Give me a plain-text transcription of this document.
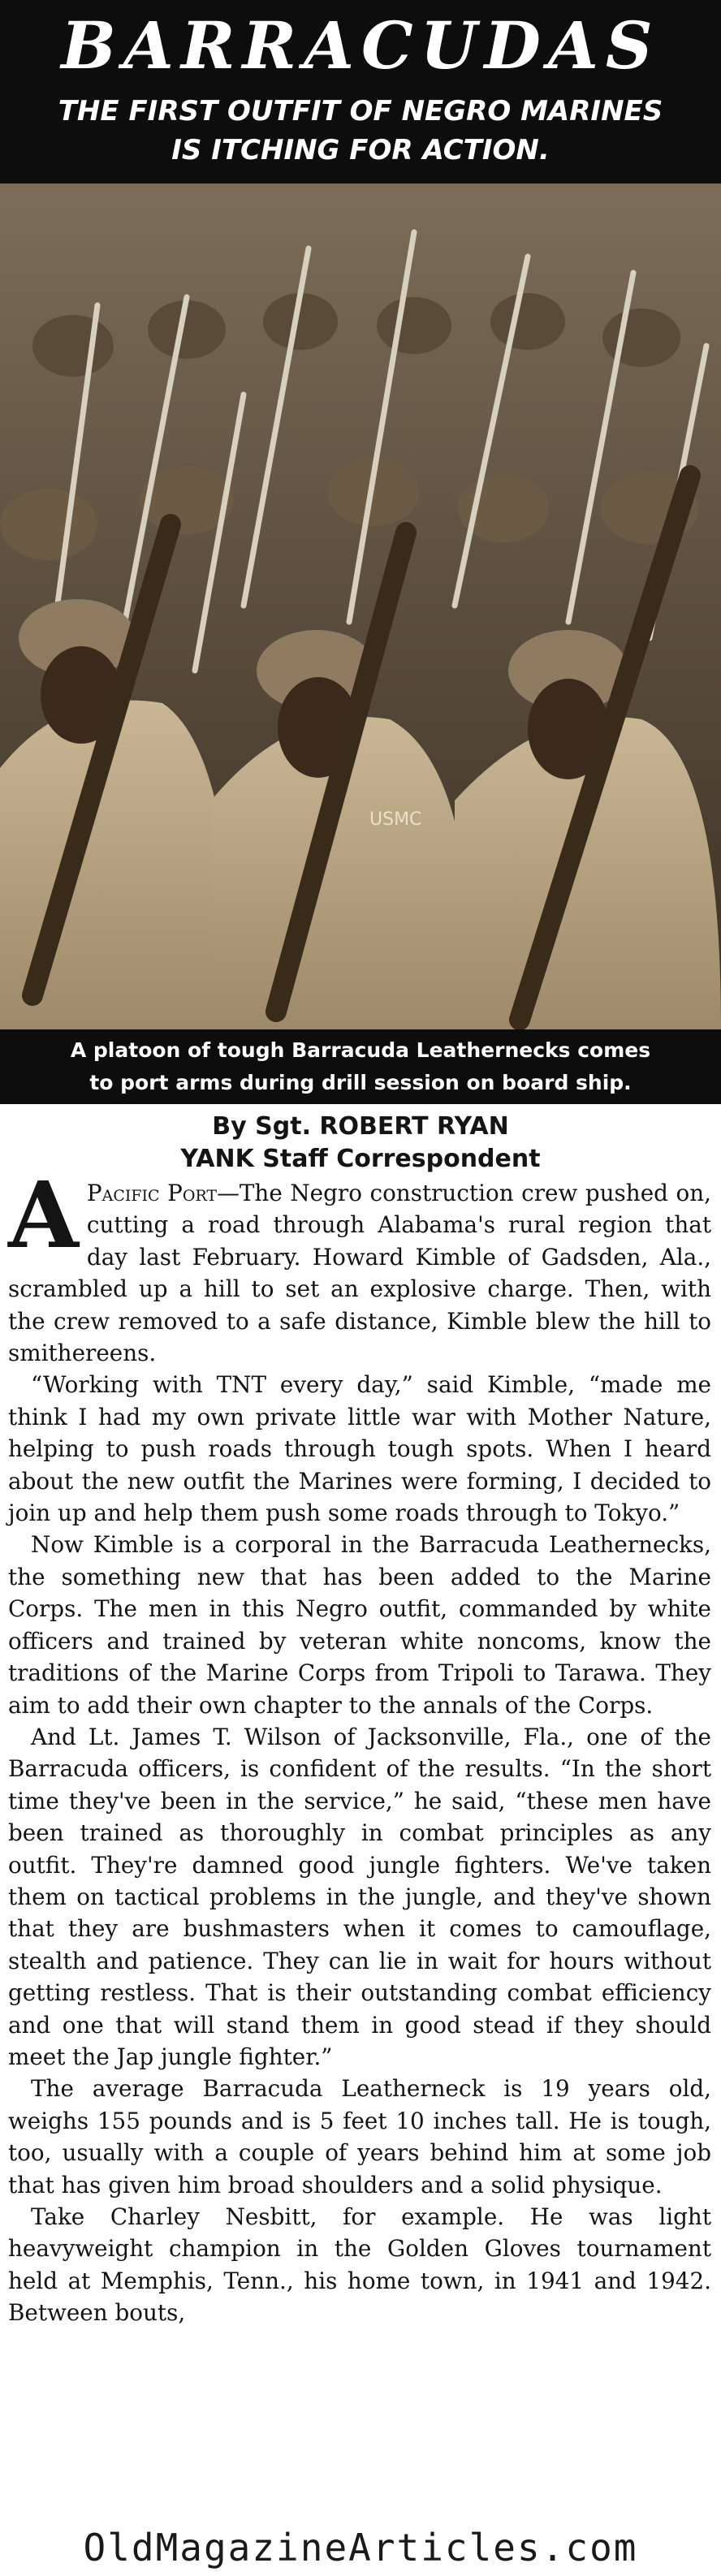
BARRACUDAS
THE FIRST OUTFIT OF NEGRO MARINES
IS ITCHING FOR ACTION.
USMC
A platoon of tough Barracuda Leathernecks comes
to port arms during drill session on board ship.
By Sgt. ROBERT RYAN
YANK Staff Correspondent

A Pacific Port—The Negro construction crew pushed on, cutting a road through Alabama's rural region that day last February. Howard Kimble of Gadsden, Ala., scrambled up a hill to set an explosive charge. Then, with the crew removed to a safe distance, Kimble blew the hill to smithereens.

“Working with TNT every day,” said Kimble, “made me think I had my own private little war with Mother Nature, helping to push roads through tough spots. When I heard about the new outfit the Marines were forming, I decided to join up and help them push some roads through to Tokyo.”

Now Kimble is a corporal in the Barracuda Leathernecks, the something new that has been added to the Marine Corps. The men in this Negro outfit, commanded by white officers and trained by veteran white noncoms, know the traditions of the Marine Corps from Tripoli to Tarawa. They aim to add their own chapter to the annals of the Corps.

And Lt. James T. Wilson of Jacksonville, Fla., one of the Barracuda officers, is confident of the results. “In the short time they've been in the service,” he said, “these men have been trained as thoroughly in combat principles as any outfit. They're damned good jungle fighters. We've taken them on tactical problems in the jungle, and they've shown that they are bushmasters when it comes to camouflage, stealth and patience. They can lie in wait for hours without getting restless. That is their outstanding combat efficiency and one that will stand them in good stead if they should meet the Jap jungle fighter.”

The average Barracuda Leatherneck is 19 years old, weighs 155 pounds and is 5 feet 10 inches tall. He is tough, too, usually with a couple of years behind him at some job that has given him broad shoulders and a solid physique.

Take Charley Nesbitt, for example. He was light heavyweight champion in the Golden Gloves tournament held at Memphis, Tenn., his home town, in 1941 and 1942. Between bouts,

OldMagazineArticles.com
